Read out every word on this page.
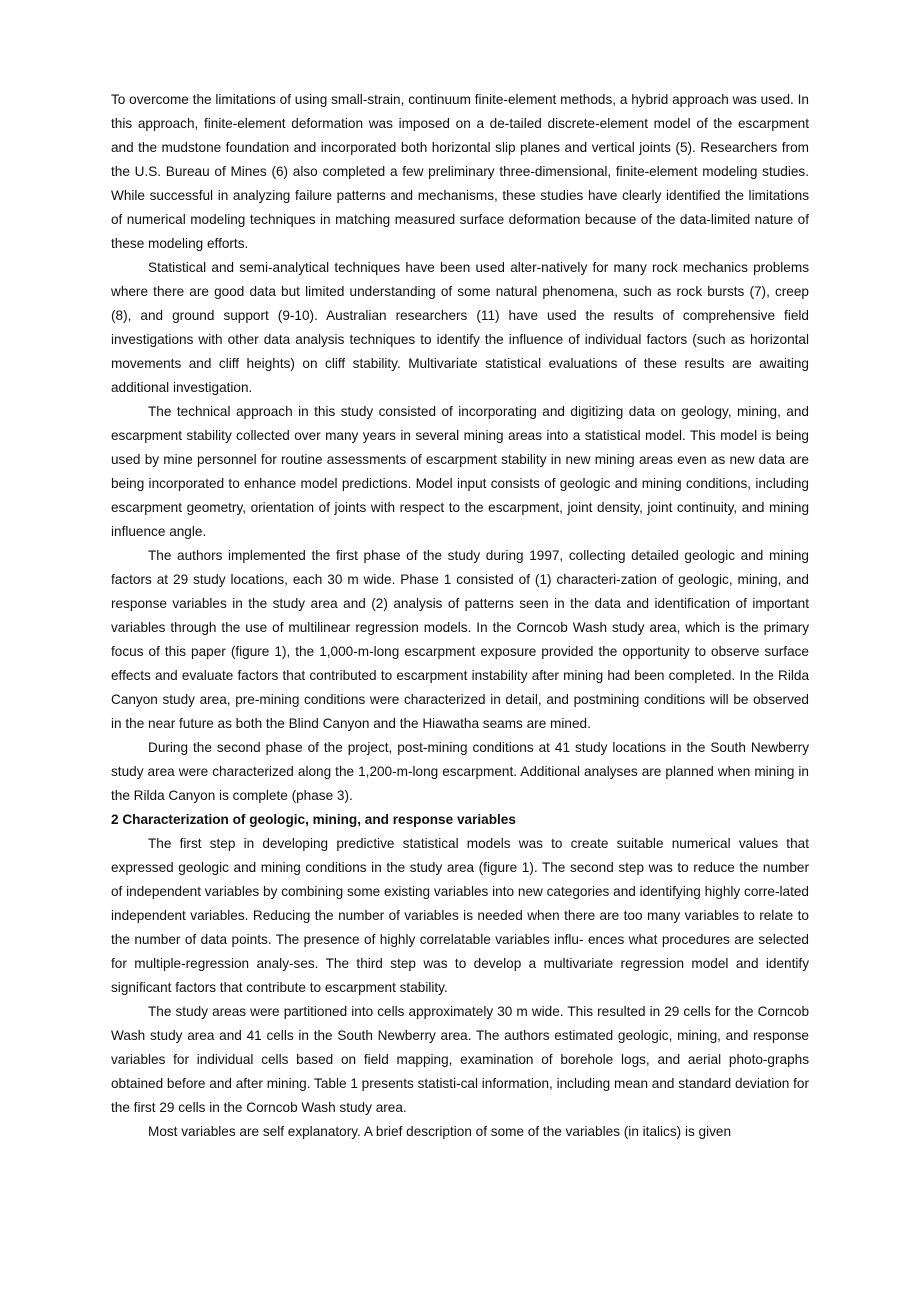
To overcome the limitations of using small-strain, continuum finite-element methods, a hybrid approach was used. In this approach, finite-element deformation was imposed on a de-tailed discrete-element model of the escarpment and the mudstone foundation and incorporated both horizontal slip planes and vertical joints (5). Researchers from the U.S. Bureau of Mines (6) also completed a few preliminary three-dimensional, finite-element modeling studies. While successful in analyzing failure patterns and mechanisms, these studies have clearly identified the limitations of numerical modeling techniques in matching measured surface deformation because of the data-limited nature of these modeling efforts.

Statistical and semi-analytical techniques have been used alter-natively for many rock mechanics problems where there are good data but limited understanding of some natural phenomena, such as rock bursts (7), creep (8), and ground support (9-10). Australian researchers (11) have used the results of comprehensive field investigations with other data analysis techniques to identify the influence of individual factors (such as horizontal movements and cliff heights) on cliff stability. Multivariate statistical evaluations of these results are awaiting additional investigation.

The technical approach in this study consisted of incorporating and digitizing data on geology, mining, and escarpment stability collected over many years in several mining areas into a statistical model. This model is being used by mine personnel for routine assessments of escarpment stability in new mining areas even as new data are being incorporated to enhance model predictions. Model input consists of geologic and mining conditions, including escarpment geometry, orientation of joints with respect to the escarpment, joint density, joint continuity, and mining influence angle.

The authors implemented the first phase of the study during 1997, collecting detailed geologic and mining factors at 29 study locations, each 30 m wide. Phase 1 consisted of (1) characteri-zation of geologic, mining, and response variables in the study area and (2) analysis of patterns seen in the data and identification of important variables through the use of multilinear regression models. In the Corncob Wash study area, which is the primary focus of this paper (figure 1), the 1,000-m-long escarpment exposure provided the opportunity to observe surface effects and evaluate factors that contributed to escarpment instability after mining had been completed. In the Rilda Canyon study area, pre-mining conditions were characterized in detail, and postmining conditions will be observed in the near future as both the Blind Canyon and the Hiawatha seams are mined.

During the second phase of the project, post-mining conditions at 41 study locations in the South Newberry study area were characterized along the 1,200-m-long escarpment. Additional analyses are planned when mining in the Rilda Canyon is complete (phase 3).

2 Characterization of geologic, mining, and response variables

The first step in developing predictive statistical models was to create suitable numerical values that expressed geologic and mining conditions in the study area (figure 1). The second step was to reduce the number of independent variables by combining some existing variables into new categories and identifying highly corre-lated independent variables. Reducing the number of variables is needed when there are too many variables to relate to the number of data points. The presence of highly correlatable variables influ- ences what procedures are selected for multiple-regression analy-ses. The third step was to develop a multivariate regression model and identify significant factors that contribute to escarpment stability.

The study areas were partitioned into cells approximately 30 m wide. This resulted in 29 cells for the Corncob Wash study area and 41 cells in the South Newberry area. The authors estimated geologic, mining, and response variables for individual cells based on field mapping, examination of borehole logs, and aerial photo-graphs obtained before and after mining. Table 1 presents statisti-cal information, including mean and standard deviation for the first 29 cells in the Corncob Wash study area.

Most variables are self explanatory. A brief description of some of the variables (in italics) is given
